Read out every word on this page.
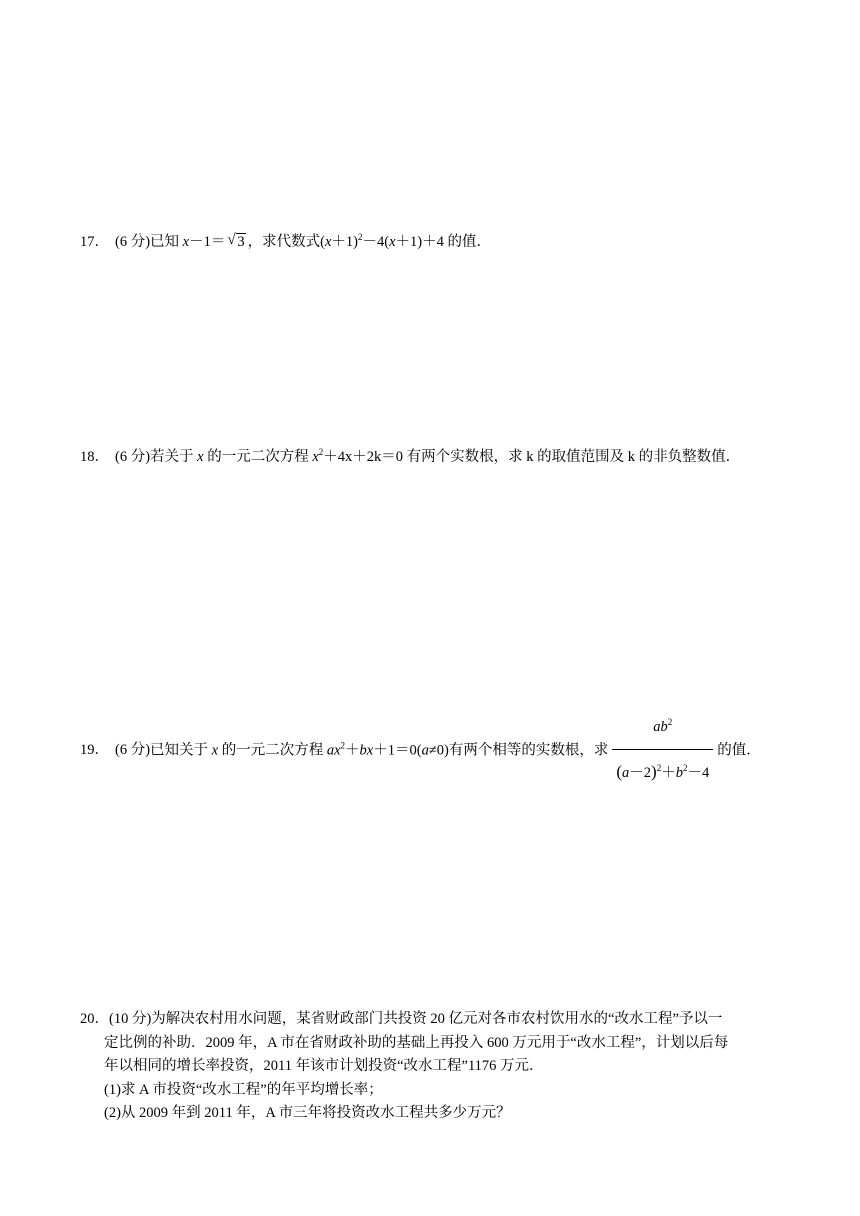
17． (6 分)已知 x－1＝ √ 3 ，求代数式$(x+1)^2-4(x+1)+4$ 的值．
18． (6 分)若关于 x 的一元二次方程 $x^2+4x+2k=0$ 有两个实数根，求 k 的取值范围及 k 的非负整数值．
19． (6 分)已知关于 x 的一元二次方程 $ax^2+bx+1=0(a\ne 0)$有两个相等的实数根，求 $\frac{ab^2}{(a-2)^2+b^2-4}$ 的值．
20．(10 分)为解决农村用水问题，某省财政部门共投资 20 亿元对各市农村饮用水的“改水工程”予以一
定比例的补助．2009 年，A 市在省财政补助的基础上再投入 600 万元用于“改水工程”，计划以后每
年以相同的增长率投资，2011 年该市计划投资“改水工程”1176 万元．
(1)求 A 市投资“改水工程”的年平均增长率；
(2)从 2009 年到 2011 年，A 市三年将投资改水工程共多少万元？
